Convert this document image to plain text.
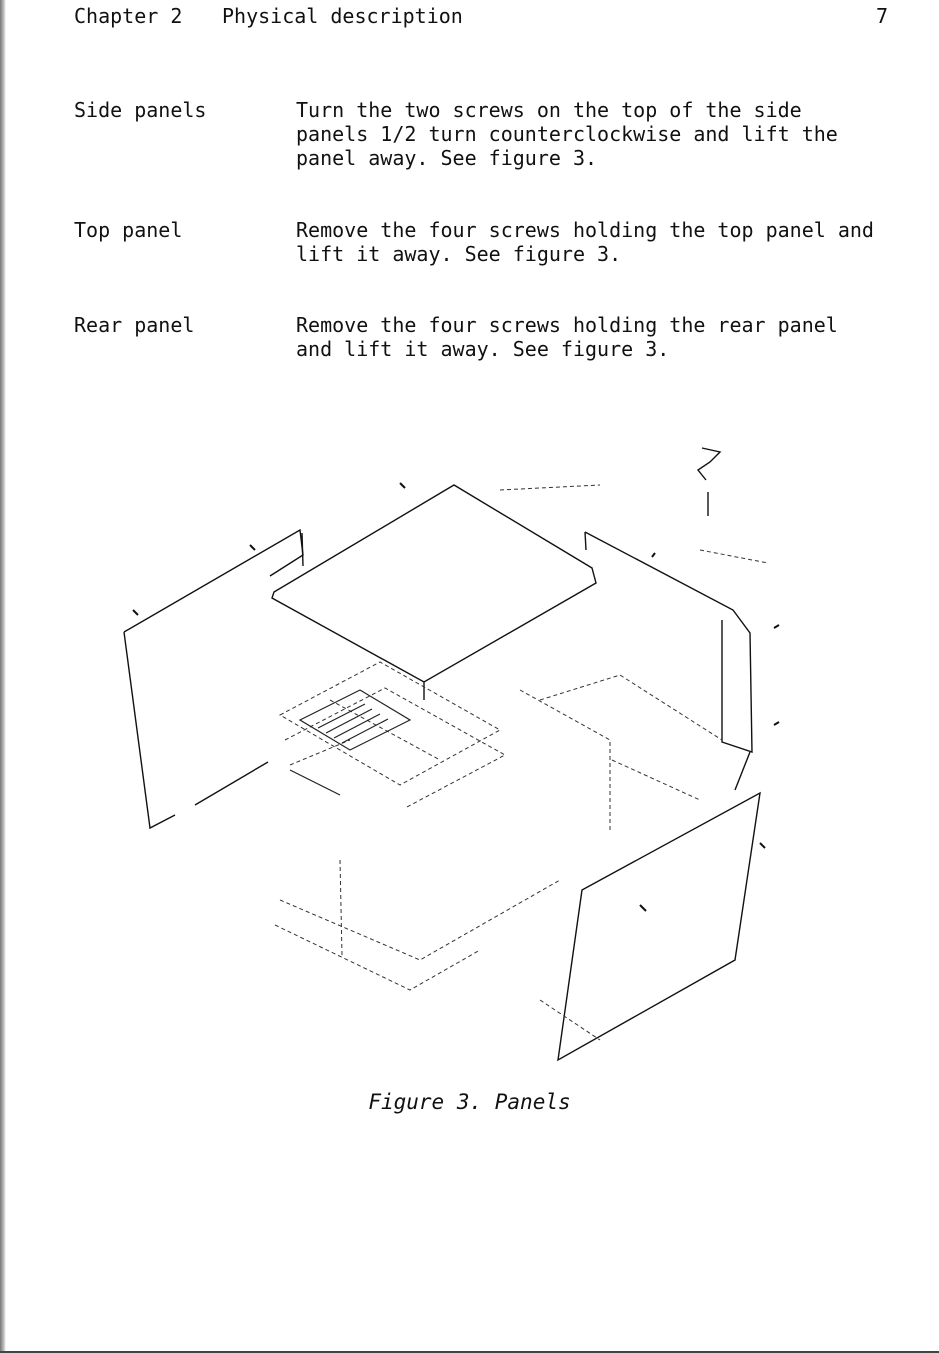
Chapter 2 Physical description	7
Side panels	Turn the two screws on the top of the side
panels 1/2 turn counterclockwise and lift the
panel away. See figure 3.
Top panel	Remove the four screws holding the top panel and
lift it away. See figure 3.
Rear panel	Remove the four screws holding the rear panel
and lift it away. See figure 3.
Figure 3. Panels
